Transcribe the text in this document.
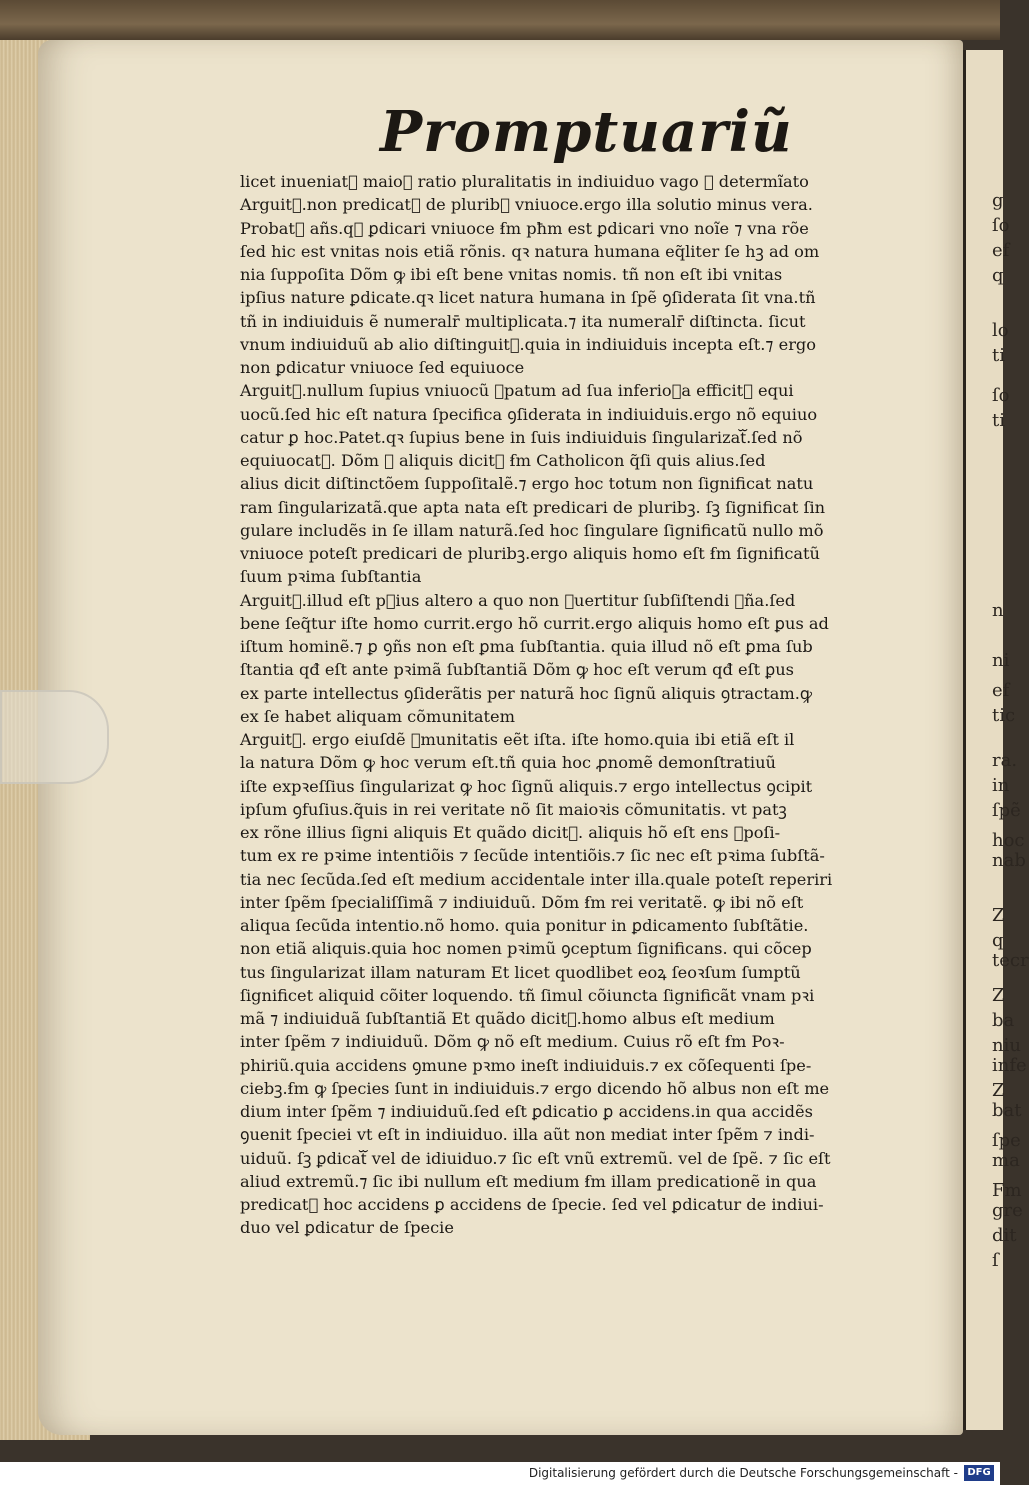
g
ſo
ef
q
lo
ti
ſo
ti
n
ni
ef
tic
ra.
in
ſpẽ
hoc
nab
Z
q
tecr
Z
ba
niu
infe
Z
bat
ſpe
ma
Fm
gre
dit
ſ
Promptuariũ
licet inueniatᷓ maioꝛ ratio pluralitatis in indiuiduo vago ꝙ determĩato
Arguitᷓ.non predicatᷓ de pluribꝫ vniuoce.ergo illa solutio minus vera.
Probatᷓ añs.qꝛ ꝑdicari vniuoce ẜm pħm est ꝑdicari vno noĩe ⁊ vna rõe
ſed hic est vnitas nois etiã rõnis. qꝛ natura humana eq̃liter ſe hꝫ ad om
nia ſuppoſita Dõm ꝙ ibi eſt bene vnitas nomis. tñ non eſt ibi vnitas
ipſius nature ꝑdicate.qꝛ licet natura humana in ſpẽ ꝯſiderata ſit vna.tñ
tñ in indiuiduis ẽ numeralr̄ multiplicata.⁊ ita numeralr̄ diſtincta. ſicut
vnum indiuiduũ ab alio diſtinguitᷓ.quia in indiuiduis incepta eſt.⁊ ergo
non ꝑdicatur vniuoce ſed equiuoce
Arguitᷓ.nullum ſupius vniuocũ ꝯpatum ad ſua inferioꝛa efficitᷓ equi
uocũ.ſed hic eſt natura ſpecifica ꝯſiderata in indiuiduis.ergo nõ equiuo
catur ꝑ hoc.Patet.qꝛ ſupius bene in ſuis indiuiduis ſingularizatᷓ.ſed nõ
equiuocatᷓ. Dõm ꝙ aliquis dicitᷓ ẜm Catholicon q̃ſi quis alius.ſed
alius dicit diſtinctõem ſuppoſitalẽ.⁊ ergo hoc totum non ſignificat natu
ram ſingularizatã.que apta nata eſt predicari de pluribꝫ. ſꝫ ſignificat ſin
gulare includẽs in ſe illam naturã.ſed hoc ſingulare ſignificatũ nullo mõ
vniuoce poteſt predicari de pluribꝫ.ergo aliquis homo eſt ẜm ſignificatũ
ſuum pꝛima ſubſtantia
Arguitᷓ.illud eſt pꝛius altero a quo non ꝯuertitur ſubſiſtendi ꝯña.ſed
bene ſeq̃tur iſte homo currit.ergo hõ currit.ergo aliquis homo eſt ꝑus ad
iſtum hominẽ.⁊ ꝑ ꝯñs non eſt ꝑma ſubſtantia. quia illud nõ eſt ꝑma ſub
ſtantia qđ eſt ante pꝛimã ſubſtantiã Dõm ꝙ hoc eſt verum qđ eſt ꝑus
ex parte intellectus ꝯſiderãtis per naturã hoc ſignũ aliquis ꝯtractam.ꝙ
ex ſe habet aliquam cõmunitatem
Arguitᷓ. ergo eiuſdẽ ꝯmunitatis eẽt iſta. iſte homo.quia ibi etiã eſt il
la natura Dõm ꝙ hoc verum eſt.tñ quia hoc ꝓnomẽ demonſtratiuũ
iſte expꝛeſſius ſingularizat ꝙ hoc ſignũ aliquis.⁊ ergo intellectus ꝯcipit
ipſum ꝯfuſius.q̃uis in rei veritate nõ ſit maioꝛis cõmunitatis. vt patꝫ
ex rõne illius ſigni aliquis Et quãdo dicitᷓ. aliquis hõ eſt ens ꝯpoſi-
tum ex re pꝛime intentiõis ⁊ ſecũde intentiõis.⁊ ſic nec eſt pꝛima ſubſtã-
tia nec ſecũda.ſed eſt medium accidentale inter illa.quale poteſt reperiri
inter ſpẽm ſpecialiſſimã ⁊ indiuiduũ. Dõm ẜm rei veritatẽ. ꝙ ibi nõ eſt
aliqua ſecũda intentio.nõ homo. quia ponitur in ꝑdicamento ſubſtãtie.
non etiã aliquis.quia hoc nomen pꝛimũ ꝯceptum ſignificans. qui cõcep
tus ſingularizat illam naturam Et licet quodlibet eoꝝ ſeoꝛſum ſumptũ
ſignificet aliquid cõiter loquendo. tñ ſimul cõiuncta ſignificãt vnam pꝛi
mã ⁊ indiuiduã ſubſtantiã Et quãdo dicitᷓ.homo albus eſt medium
inter ſpẽm ⁊ indiuiduũ. Dõm ꝙ nõ eſt medium. Cuius rõ eſt ẜm Poꝛ-
phiriũ.quia accidens ꝯmune pꝛmo ineſt indiuiduis.⁊ ex cõſequenti ſpe-
ciebꝫ.ẜm ꝙ ſpecies ſunt in indiuiduis.⁊ ergo dicendo hõ albus non eſt me
dium inter ſpẽm ⁊ indiuiduũ.ſed eſt ꝑdicatio ꝑ accidens.in qua accidẽs
ꝯuenit ſpeciei vt eſt in indiuiduo. illa aũt non mediat inter ſpẽm ⁊ indi-
uiduũ. ſꝫ ꝑdicatᷓ vel de idiuiduo.⁊ ſic eſt vnũ extremũ. vel de ſpẽ. ⁊ ſic eſt
aliud extremũ.⁊ ſic ibi nullum eſt medium ẜm illam predicationẽ in qua
predicatᷓ hoc accidens ꝑ accidens de ſpecie. ſed vel ꝑdicatur de indiui-
duo vel ꝑdicatur de ſpecie
Digitalisierung gefördert durch die Deutsche Forschungsgemeinschaft - DFG
